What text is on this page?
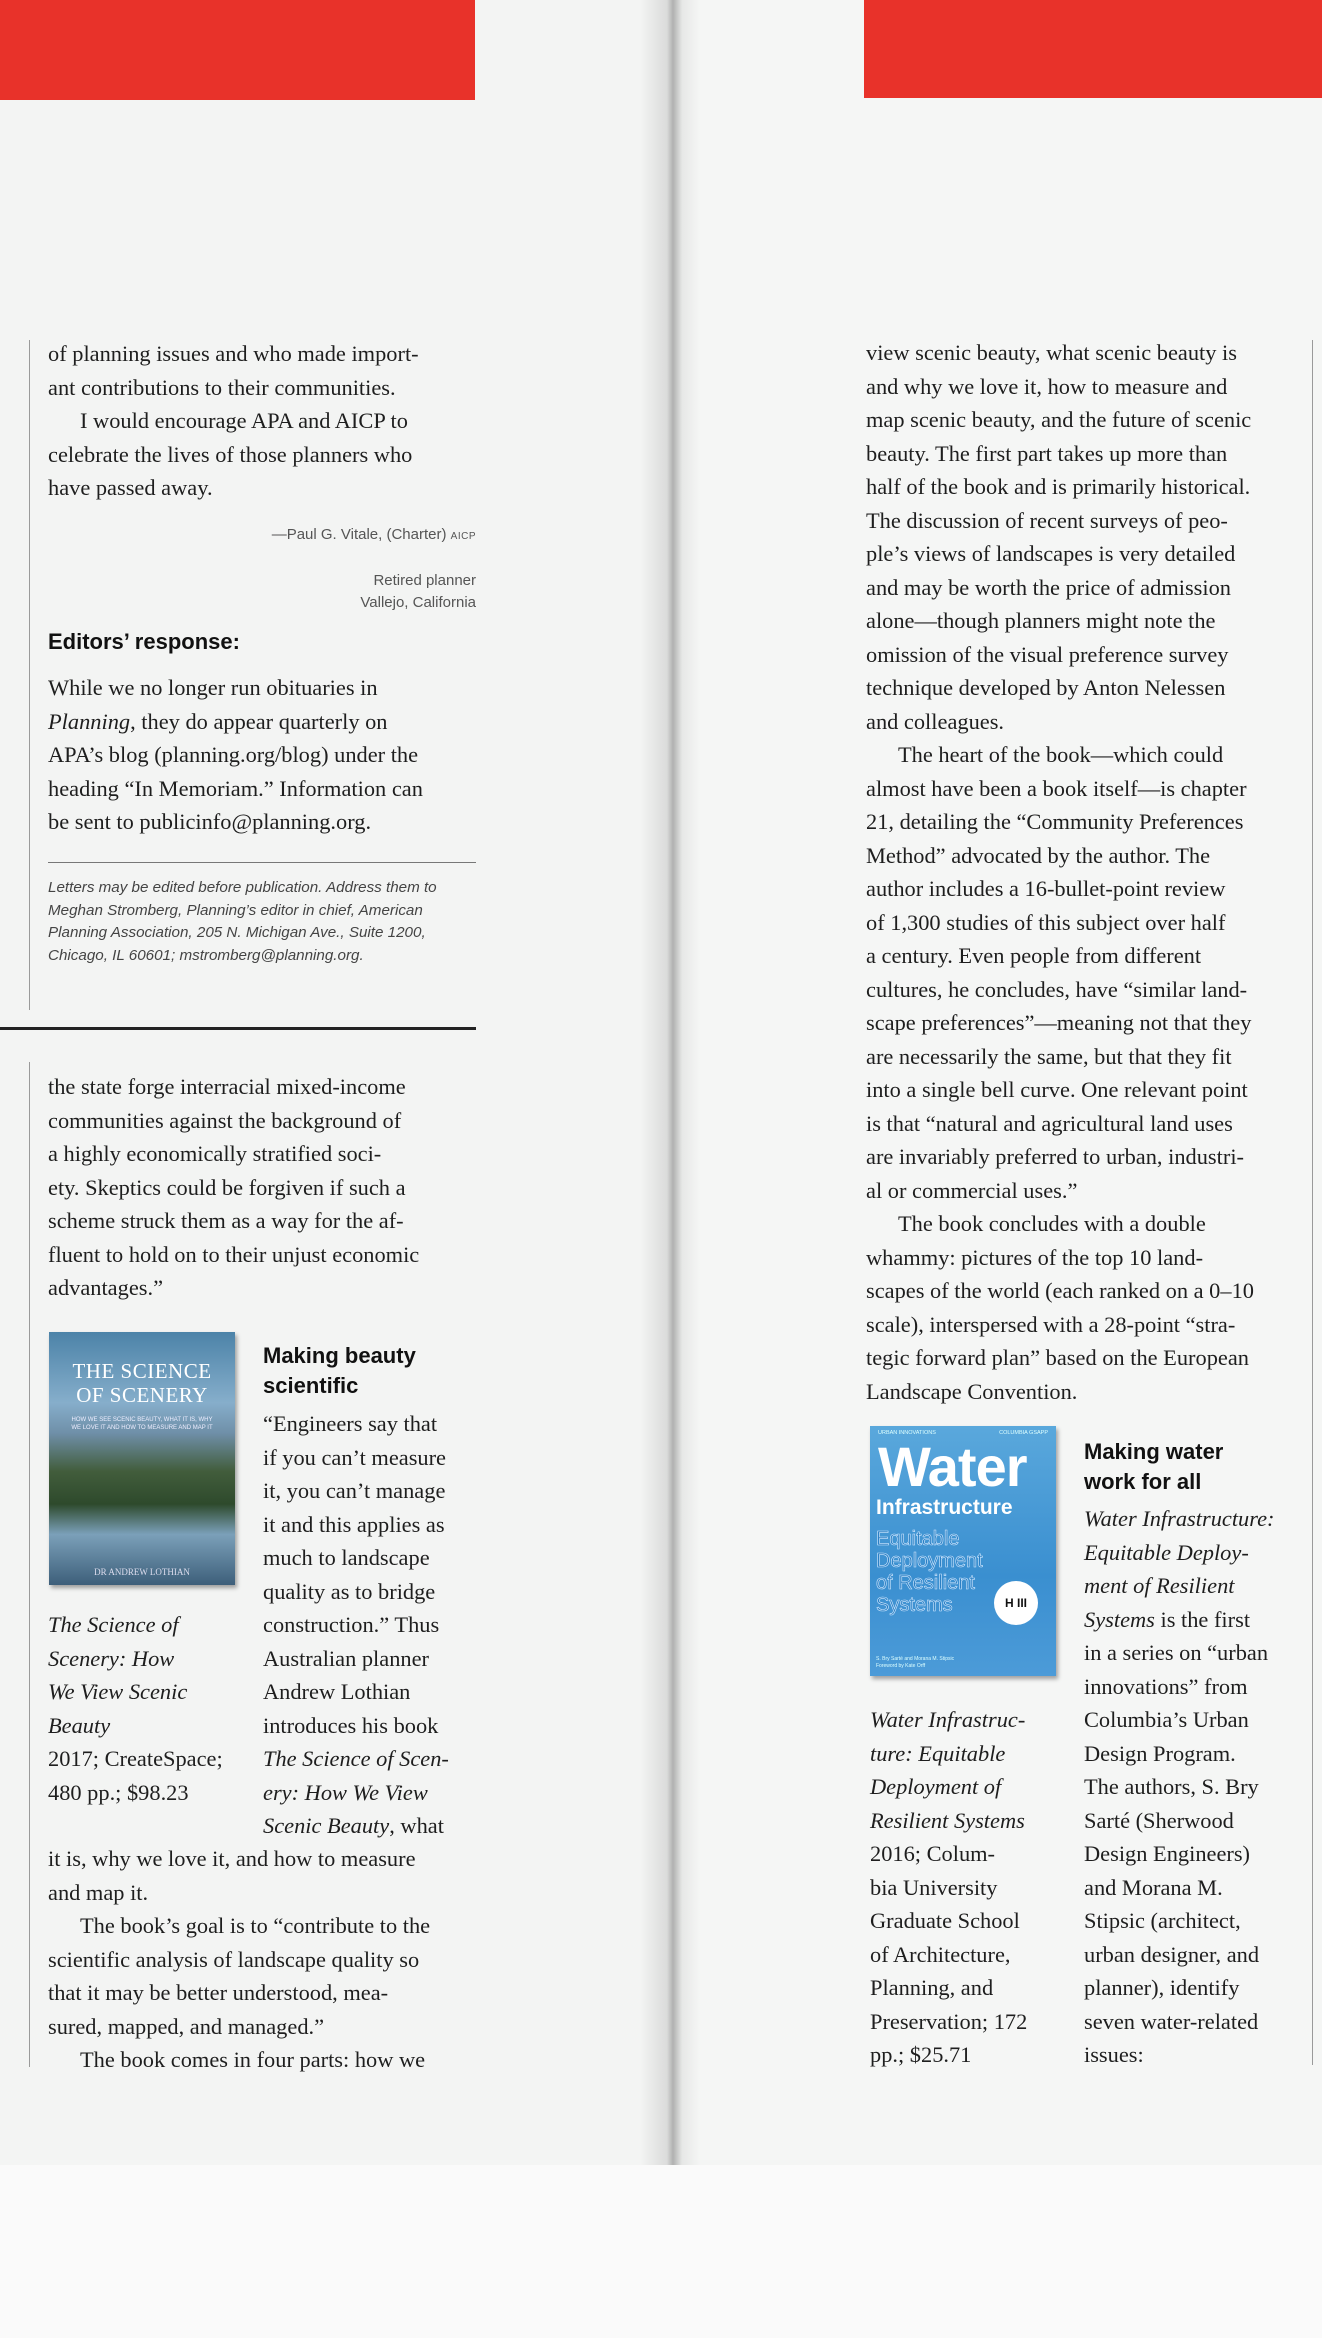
of planning issues and who made import-

ant contributions to their communities.

I would encourage APA and AICP to

celebrate the lives of those planners who

have passed away.

—Paul G. Vitale, (Charter) AICP
Retired planner
Vallejo, California
Editors’ response:

While we no longer run obituaries in

Planning, they do appear quarterly on

APA’s blog (planning.org/blog) under the

heading “In Memoriam.” Information can

be sent to publicinfo@planning.org.

Letters may be edited before publication. Address them to
Meghan Stromberg, Planning’s editor in chief, American
Planning Association, 205 N. Michigan Ave., Suite 1200,
Chicago, IL 60601; mstromberg@planning.org.

the state forge interracial mixed-income

communities against the background of

a highly economically stratified soci-

ety. Skeptics could be forgiven if such a

scheme struck them as a way for the af-

fluent to hold on to their unjust economic

advantages.”

THE SCIENCE
OF SCENERY
HOW WE SEE SCENIC BEAUTY, WHAT IT IS, WHY
WE LOVE IT AND HOW TO MEASURE AND MAP IT
DR ANDREW LOTHIAN
Making beauty
scientific

“Engineers say that

if you can’t measure

it, you can’t manage

it and this applies as

much to landscape

quality as to bridge

construction.” Thus

Australian planner

Andrew Lothian

introduces his book

The Science of Scen-

ery: How We View

Scenic Beauty, what

The Science of

Scenery: How

We View Scenic

Beauty

2017; CreateSpace;

480 pp.; $98.23

it is, why we love it, and how to measure

and map it.

The book’s goal is to “contribute to the

scientific analysis of landscape quality so

that it may be better understood, mea-

sured, mapped, and managed.”

The book comes in four parts: how we

view scenic beauty, what scenic beauty is

and why we love it, how to measure and

map scenic beauty, and the future of scenic

beauty. The first part takes up more than

half of the book and is primarily historical.

The discussion of recent surveys of peo-

ple’s views of landscapes is very detailed

and may be worth the price of admission

alone—though planners might note the

omission of the visual preference survey

technique developed by Anton Nelessen

and colleagues.

The heart of the book—which could

almost have been a book itself—is chapter

21, detailing the “Community Preferences

Method” advocated by the author. The

author includes a 16-bullet-point review

of 1,300 studies of this subject over half

a century. Even people from different

cultures, he concludes, have “similar land-

scape preferences”—meaning not that they

are necessarily the same, but that they fit

into a single bell curve. One relevant point

is that “natural and agricultural land uses

are invariably preferred to urban, industri-

al or commercial uses.”

The book concludes with a double

whammy: pictures of the top 10 land-

scapes of the world (each ranked on a 0–10

scale), interspersed with a 28-point “stra-

tegic forward plan” based on the European

Landscape Convention.

URBAN INNOVATIONS	COLUMBIA GSAPP
Water
Infrastructure
Equitable Deployment of Resilient Systems	H III
S. Bry Sarté and Morana M. Stipsic
Foreword by Kate Orff
Making water
work for all

Water Infrastructure:

Equitable Deploy-

ment of Resilient

Systems is the first

in a series on “urban

innovations” from

Columbia’s Urban

Design Program.

The authors, S. Bry

Sarté (Sherwood

Design Engineers)

and Morana M.

Stipsic (architect,

urban designer, and

planner), identify

seven water-related

issues:

Water Infrastruc-

ture: Equitable

Deployment of

Resilient Systems

2016; Colum-

bia University

Graduate School

of Architecture,

Planning, and

Preservation; 172

pp.; $25.71
